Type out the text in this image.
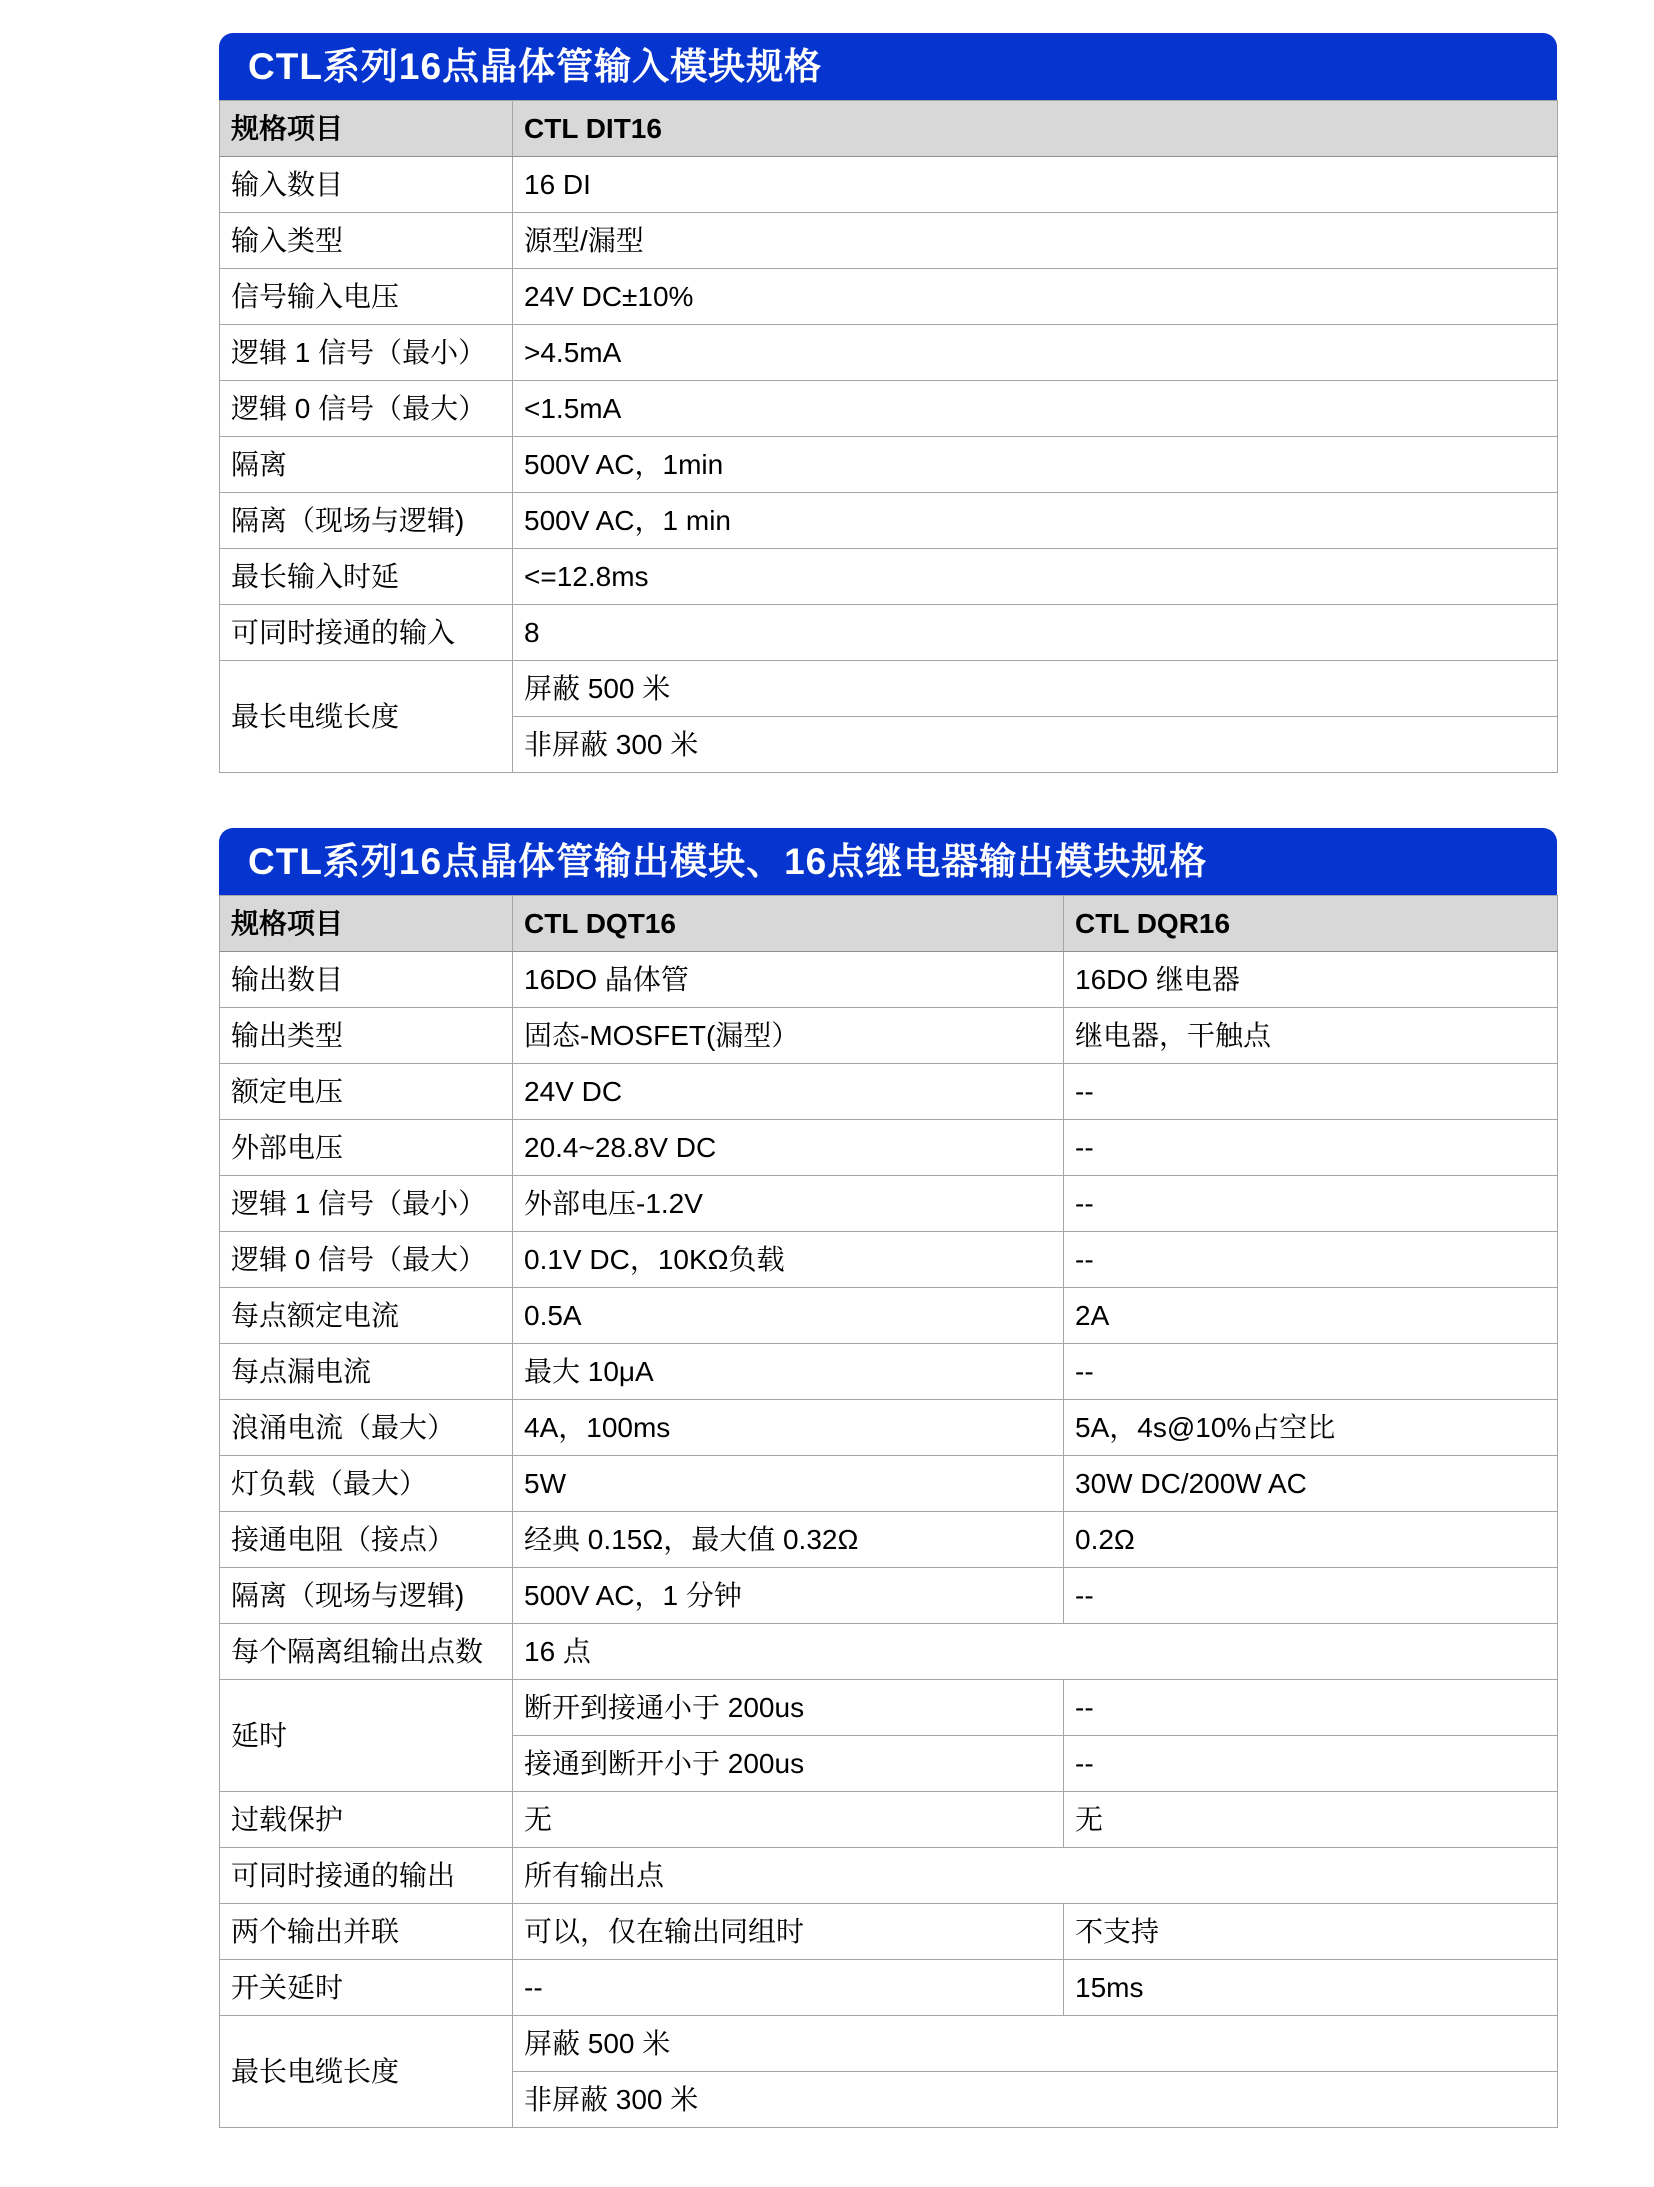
CTL系列16点晶体管输入模块规格
规格项目	CTL DIT16
输入数目	16 DI
输入类型	源型/漏型
信号输入电压	24V DC±10%
逻辑 1 信号（最小）	>4.5mA
逻辑 0 信号（最大）	<1.5mA
隔离	500V AC，1min
隔离（现场与逻辑)	500V AC，1 min
最长输入时延	<=12.8ms
可同时接通的输入	8
最长电缆长度	屏蔽 500 米
	非屏蔽 300 米
CTL系列16点晶体管输出模块、16点继电器输出模块规格
规格项目	CTL DQT16	CTL DQR16
输出数目	16DO 晶体管	16DO 继电器
输出类型	固态-MOSFET(漏型）	继电器，干触点
额定电压	24V DC	--
外部电压	20.4~28.8V DC	--
逻辑 1 信号（最小）	外部电压-1.2V	--
逻辑 0 信号（最大）	0.1V DC，10KΩ负载	--
每点额定电流	0.5A	2A
每点漏电流	最大 10μA	--
浪涌电流（最大）	4A，100ms	5A，4s@10%占空比
灯负载（最大）	5W	30W DC/200W AC
接通电阻（接点）	经典 0.15Ω，最大值 0.32Ω	0.2Ω
隔离（现场与逻辑)	500V AC，1 分钟	--
每个隔离组输出点数	16 点	
延时	断开到接通小于 200us	--
	接通到断开小于 200us	--
过载保护	无	无
可同时接通的输出	所有输出点	
两个输出并联	可以，仅在输出同组时	不支持
开关延时	--	15ms
最长电缆长度	屏蔽 500 米	
	非屏蔽 300 米	
